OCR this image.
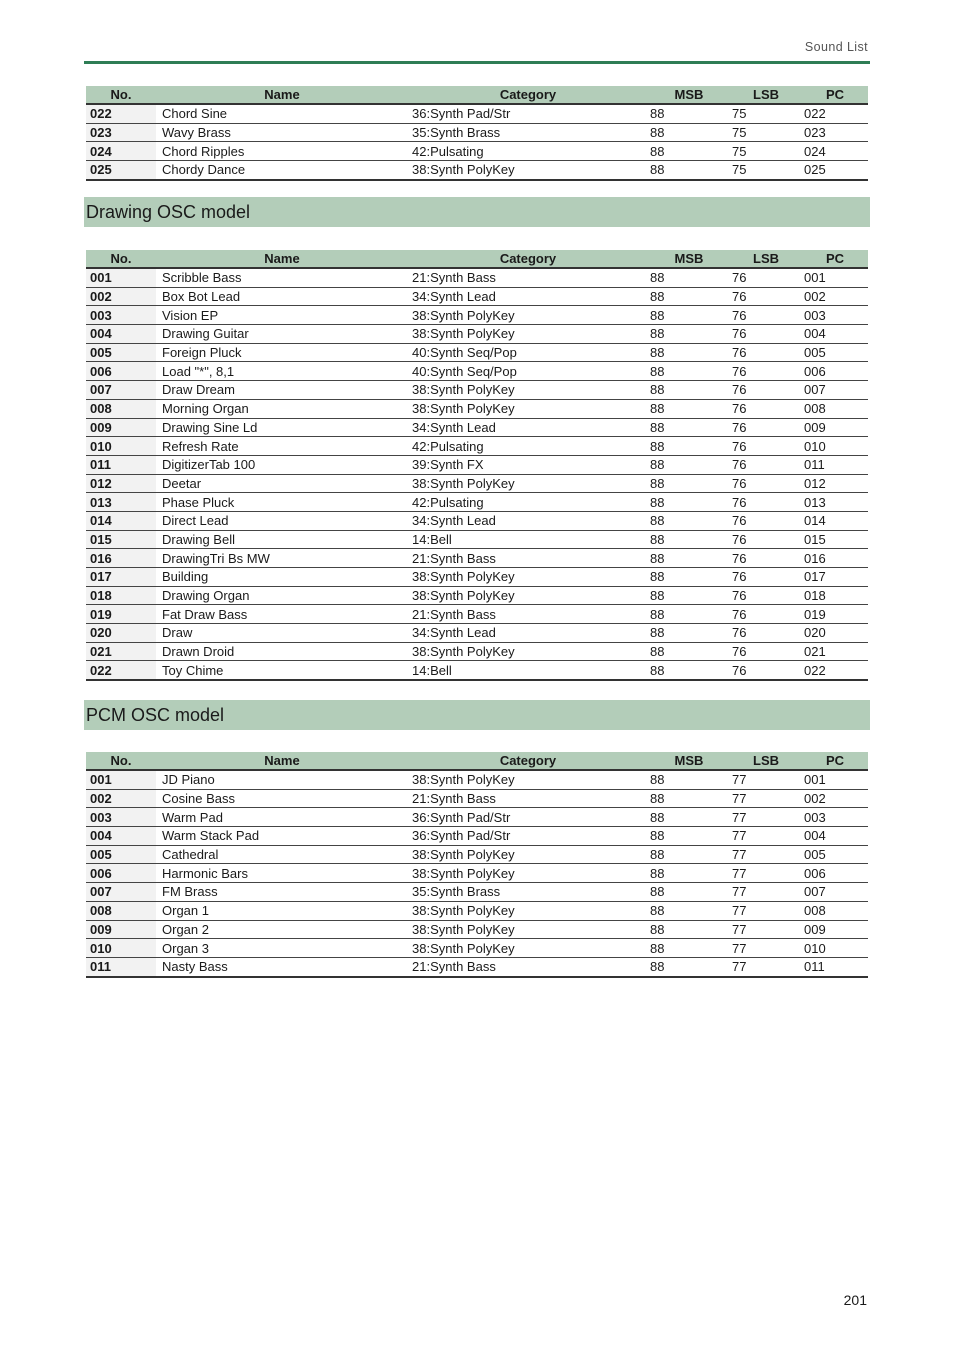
Sound List
No.	Name	Category	MSB	LSB	PC
022	Chord Sine	36:Synth Pad/Str	88	75	022
023	Wavy Brass	35:Synth Brass	88	75	023
024	Chord Ripples	42:Pulsating	88	75	024
025	Chordy Dance	38:Synth PolyKey	88	75	025
Drawing OSC model
No.	Name	Category	MSB	LSB	PC
001	Scribble Bass	21:Synth Bass	88	76	001
002	Box Bot Lead	34:Synth Lead	88	76	002
003	Vision EP	38:Synth PolyKey	88	76	003
004	Drawing Guitar	38:Synth PolyKey	88	76	004
005	Foreign Pluck	40:Synth Seq/Pop	88	76	005
006	Load "*", 8,1	40:Synth Seq/Pop	88	76	006
007	Draw Dream	38:Synth PolyKey	88	76	007
008	Morning Organ	38:Synth PolyKey	88	76	008
009	Drawing Sine Ld	34:Synth Lead	88	76	009
010	Refresh Rate	42:Pulsating	88	76	010
011	DigitizerTab 100	39:Synth FX	88	76	011
012	Deetar	38:Synth PolyKey	88	76	012
013	Phase Pluck	42:Pulsating	88	76	013
014	Direct Lead	34:Synth Lead	88	76	014
015	Drawing Bell	14:Bell	88	76	015
016	DrawingTri Bs MW	21:Synth Bass	88	76	016
017	Building	38:Synth PolyKey	88	76	017
018	Drawing Organ	38:Synth PolyKey	88	76	018
019	Fat Draw Bass	21:Synth Bass	88	76	019
020	Draw	34:Synth Lead	88	76	020
021	Drawn Droid	38:Synth PolyKey	88	76	021
022	Toy Chime	14:Bell	88	76	022
PCM OSC model
No.	Name	Category	MSB	LSB	PC
001	JD Piano	38:Synth PolyKey	88	77	001
002	Cosine Bass	21:Synth Bass	88	77	002
003	Warm Pad	36:Synth Pad/Str	88	77	003
004	Warm Stack Pad	36:Synth Pad/Str	88	77	004
005	Cathedral	38:Synth PolyKey	88	77	005
006	Harmonic Bars	38:Synth PolyKey	88	77	006
007	FM Brass	35:Synth Brass	88	77	007
008	Organ 1	38:Synth PolyKey	88	77	008
009	Organ 2	38:Synth PolyKey	88	77	009
010	Organ 3	38:Synth PolyKey	88	77	010
011	Nasty Bass	21:Synth Bass	88	77	011
201
